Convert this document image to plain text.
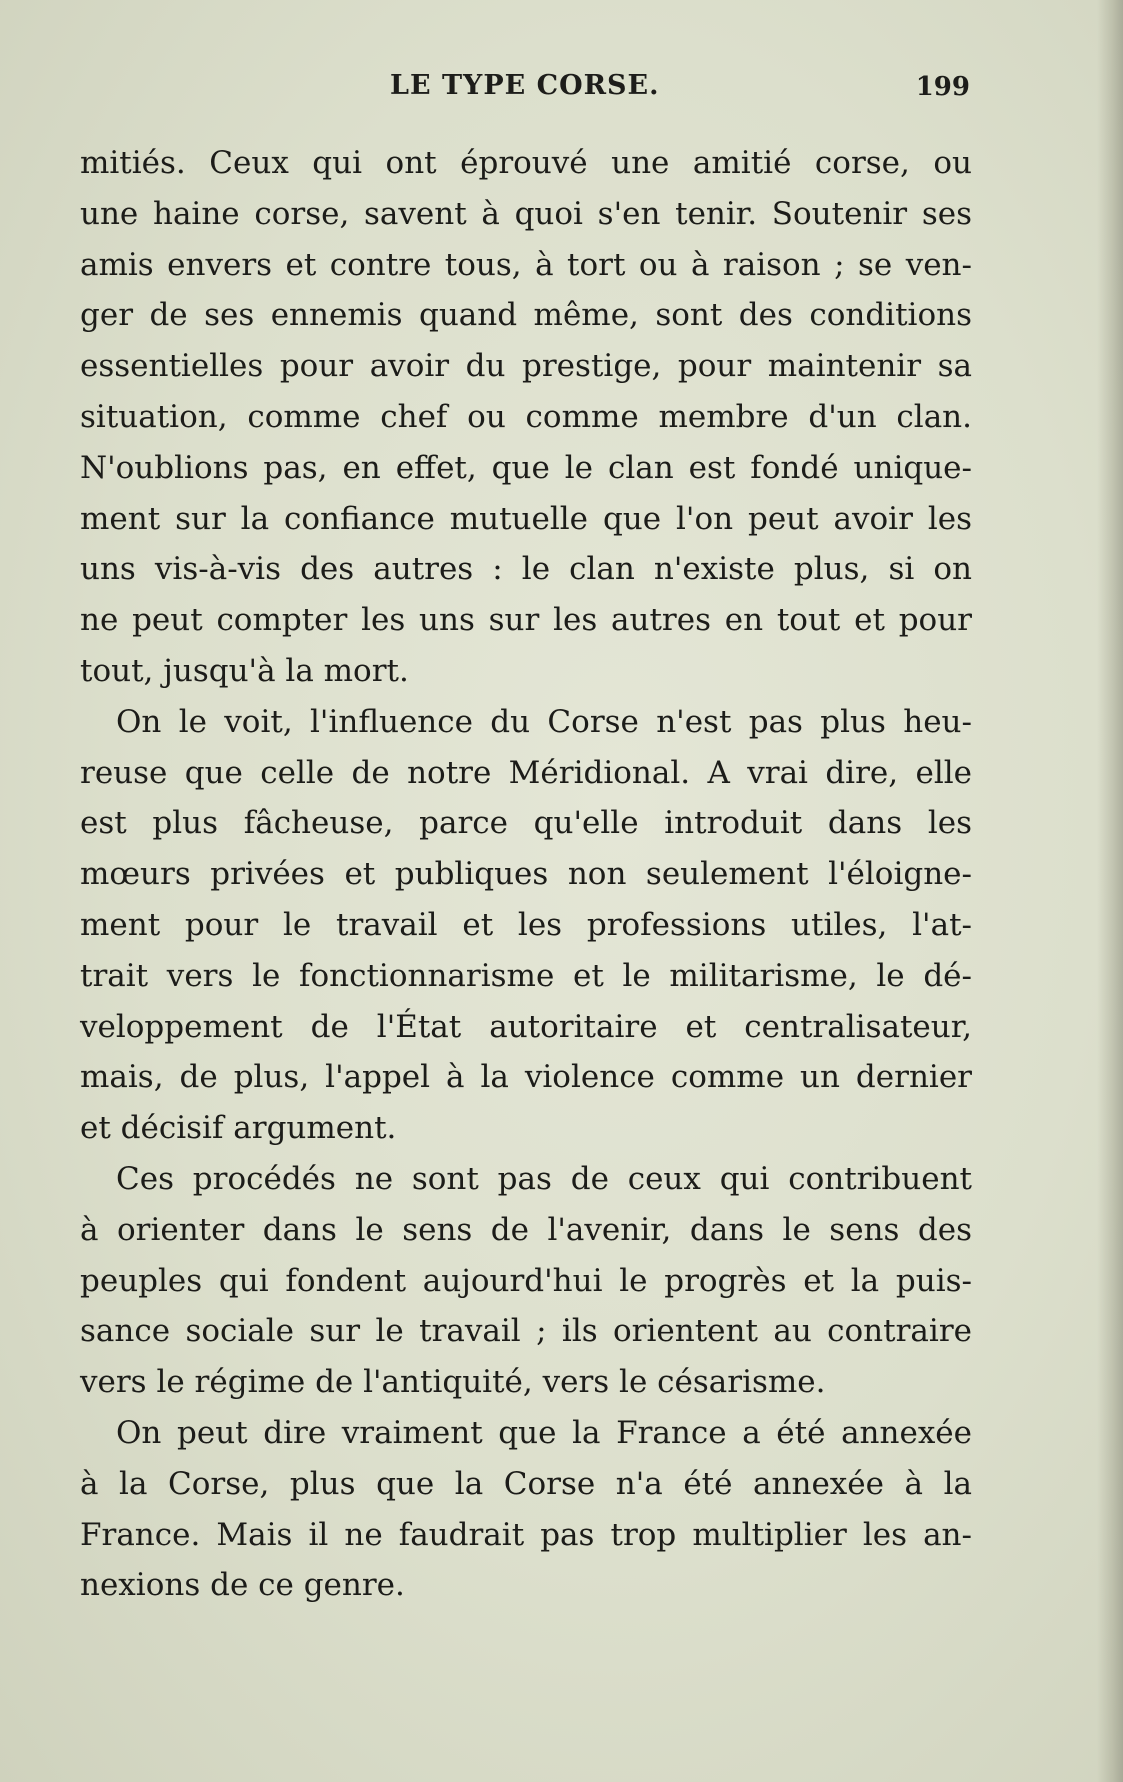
LE TYPE CORSE.	199
mitiés. Ceux qui ont éprouvé une amitié corse, ou
une haine corse, savent à quoi s'en tenir. Soutenir ses
amis envers et contre tous, à tort ou à raison ; se ven-
ger de ses ennemis quand même, sont des conditions
essentielles pour avoir du prestige, pour maintenir sa
situation, comme chef ou comme membre d'un clan.
N'oublions pas, en effet, que le clan est fondé unique-
ment sur la confiance mutuelle que l'on peut avoir les
uns vis-à-vis des autres : le clan n'existe plus, si on
ne peut compter les uns sur les autres en tout et pour
tout, jusqu'à la mort.
On le voit, l'influence du Corse n'est pas plus heu-
reuse que celle de notre Méridional. A vrai dire, elle
est plus fâcheuse, parce qu'elle introduit dans les
mœurs privées et publiques non seulement l'éloigne-
ment pour le travail et les professions utiles, l'at-
trait vers le fonctionnarisme et le militarisme, le dé-
veloppement de l'État autoritaire et centralisateur,
mais, de plus, l'appel à la violence comme un dernier
et décisif argument.
Ces procédés ne sont pas de ceux qui contribuent
à orienter dans le sens de l'avenir, dans le sens des
peuples qui fondent aujourd'hui le progrès et la puis-
sance sociale sur le travail ; ils orientent au contraire
vers le régime de l'antiquité, vers le césarisme.
On peut dire vraiment que la France a été annexée
à la Corse, plus que la Corse n'a été annexée à la
France. Mais il ne faudrait pas trop multiplier les an-
nexions de ce genre.
